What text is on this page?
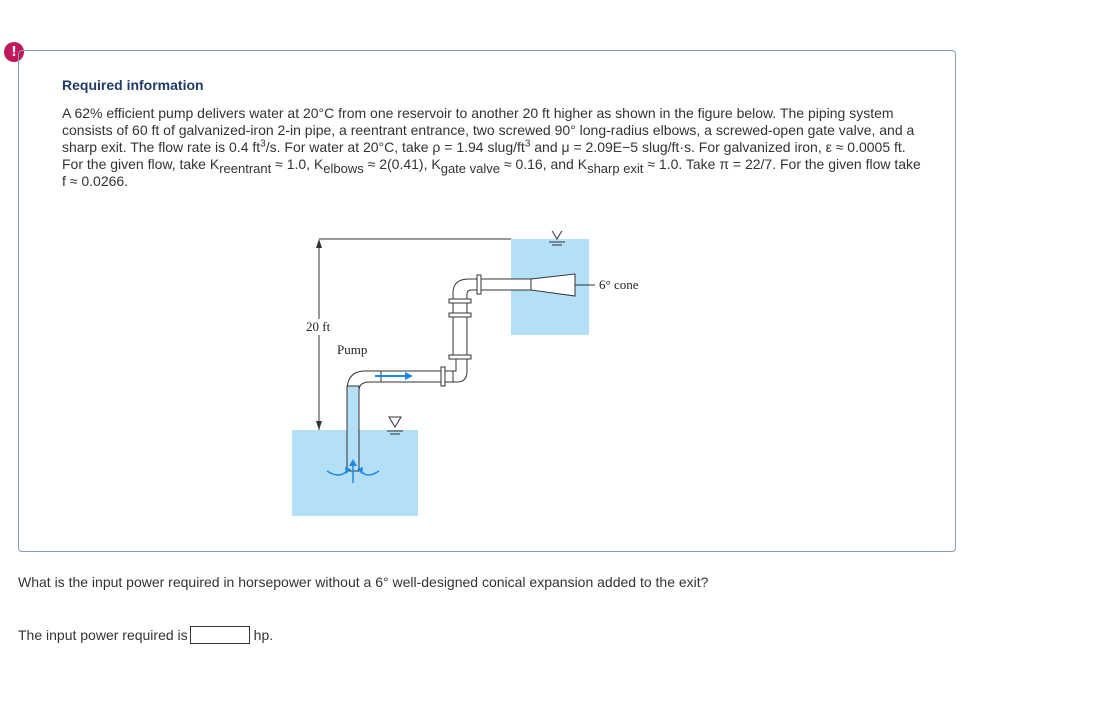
!
Required information

A 62% efficient pump delivers water at 20°C from one reservoir to another 20 ft higher as shown in the figure below. The piping system consists of 60 ft of galvanized-iron 2-in pipe, a reentrant entrance, two screwed 90° long-radius elbows, a screwed-open gate valve, and a sharp exit. The flow rate is 0.4 $ft^3/s$. For water at 20°C, take ρ = 1.94 slug/$ft^3$ and μ = 2.09E−5 slug/ft·s. For galvanized iron, ε ≈ 0.0005 ft. For the given flow, take $K_{reentrant} \approx 1.0$, $K_{elbows} \approx 2(0.41)$, $K_{gate valve} \approx 0.16$, and $K_{sharp exit} \approx 1.0$. Take π = 22/7. For the given flow take f ≈ 0.0266.

20 ft
6° cone
Pump
What is the input power required in horsepower without a 6° well-designed conical expansion added to the exit?
The input power required is	hp.
